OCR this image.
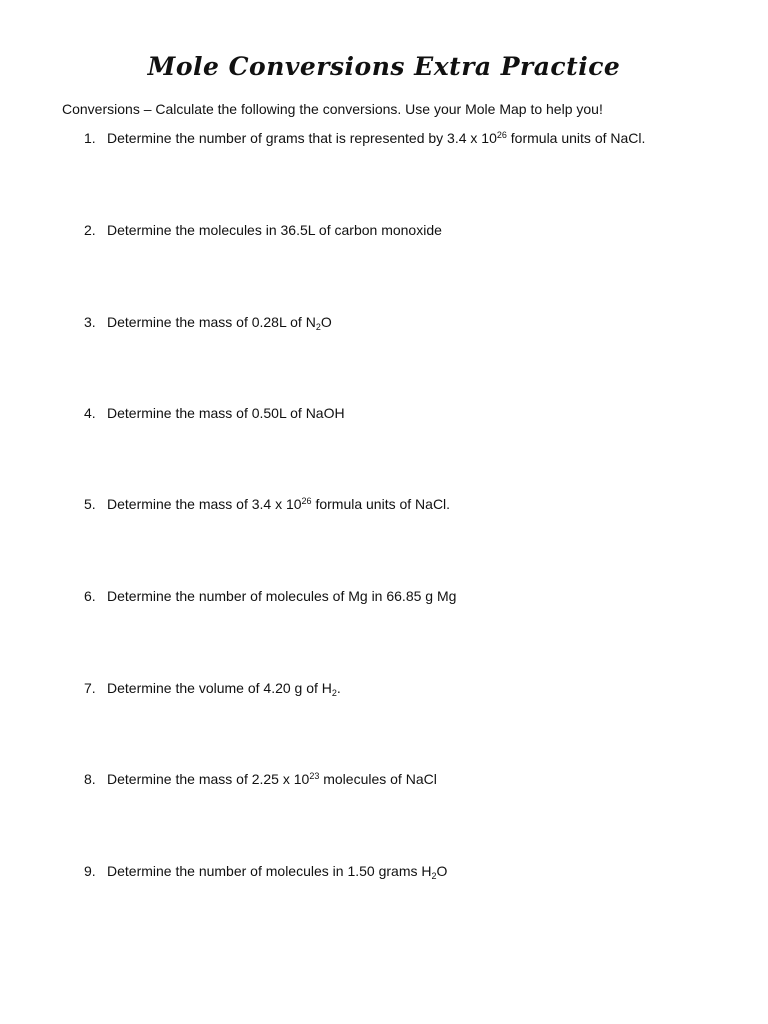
Mole Conversions Extra Practice
Conversions – Calculate the following the conversions. Use your Mole Map to help you!
1. Determine the number of grams that is represented by 3.4 x $10^{26}$ formula units of NaCl.
2. Determine the molecules in 36.5L of carbon monoxide
3. Determine the mass of 0.28L of $N_2O$
4. Determine the mass of 0.50L of NaOH
5. Determine the mass of 3.4 x $10^{26}$ formula units of NaCl.
6. Determine the number of molecules of Mg in 66.85 g Mg
7. Determine the volume of 4.20 g of $H_2$.
8. Determine the mass of 2.25 x $10^{23}$ molecules of NaCl
9. Determine the number of molecules in 1.50 grams $H_2O$
